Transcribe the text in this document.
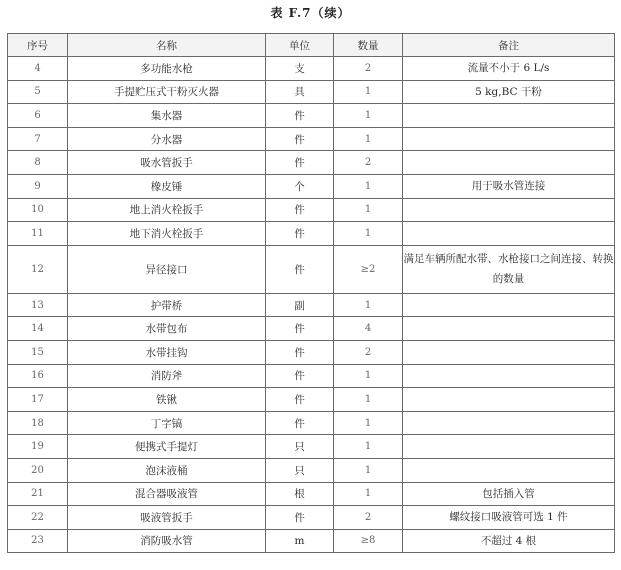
表 F.7（续）
序号	名称	单位	数量	备注
4	多功能水枪	支	2	流量不小于 6 L/s
5	手提贮压式干粉灭火器	具	1	5 kg,BC 干粉
6	集水器	件	1	
7	分水器	件	1	
8	吸水管扳手	件	2	
9	橡皮锤	个	1	用于吸水管连接
10	地上消火栓扳手	件	1	
11	地下消火栓扳手	件	1	
12	异径接口	件	≥2	满足车辆所配水带、水枪接口之间连接、转换的数量
13	护带桥	副	1	
14	水带包布	件	4	
15	水带挂钩	件	2	
16	消防斧	件	1	
17	铁锹	件	1	
18	丁字镐	件	1	
19	便携式手提灯	只	1	
20	泡沫液桶	只	1	
21	混合器吸液管	根	1	包括插入管
22	吸液管扳手	件	2	螺纹接口吸液管可选 1 件
23	消防吸水管	m	≥8	不超过 4 根
